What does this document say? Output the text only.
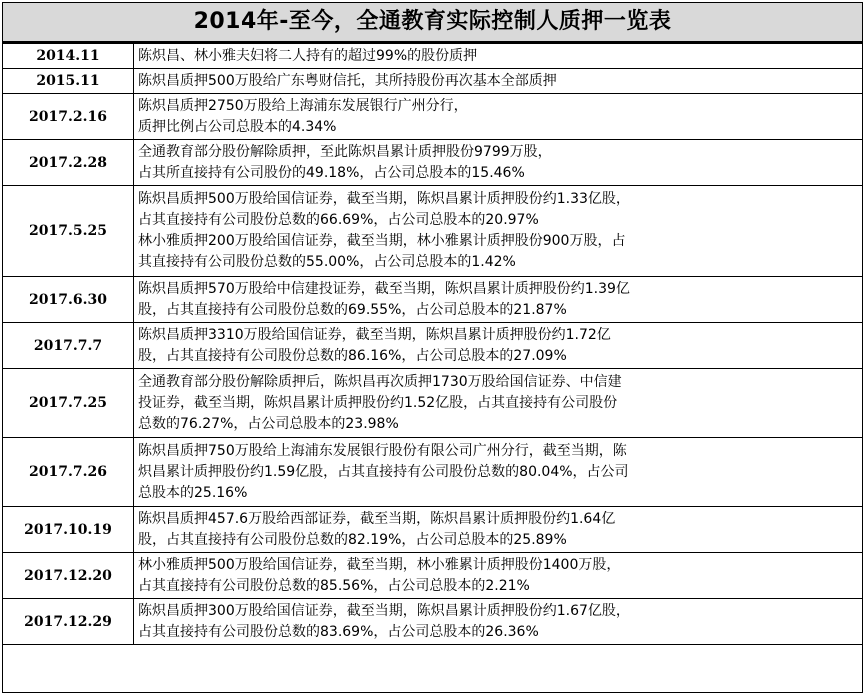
2014年-至今，全通教育实际控制人质押一览表
2014.11	陈炽昌、林小雅夫妇将二人持有的超过99%的股份质押
2015.11	陈炽昌质押500万股给广东粤财信托，其所持股份再次基本全部质押
2017.2.16	陈炽昌质押2750万股给上海浦东发展银行广州分行，
质押比例占公司总股本的4.34%
2017.2.28	全通教育部分股份解除质押，至此陈炽昌累计质押股份9799万股，
占其所直接持有公司股份的49.18%，占公司总股本的15.46%
2017.5.25	陈炽昌质押500万股给国信证券，截至当期，陈炽昌累计质押股份约1.33亿股，
占其直接持有公司股份总数的66.69%，占公司总股本的20.97%
林小雅质押200万股给国信证券，截至当期，林小雅累计质押股份900万股，占
其直接持有公司股份总数的55.00%，占公司总股本的1.42%
2017.6.30	陈炽昌质押570万股给中信建投证券，截至当期，陈炽昌累计质押股份约1.39亿
股，占其直接持有公司股份总数的69.55%，占公司总股本的21.87%
2017.7.7	陈炽昌质押3310万股给国信证券，截至当期，陈炽昌累计质押股份约1.72亿
股，占其直接持有公司股份总数的86.16%，占公司总股本的27.09%
2017.7.25	全通教育部分股份解除质押后，陈炽昌再次质押1730万股给国信证券、中信建
投证券，截至当期，陈炽昌累计质押股份约1.52亿股，占其直接持有公司股份
总数的76.27%，占公司总股本的23.98%
2017.7.26	陈炽昌质押750万股给上海浦东发展银行股份有限公司广州分行，截至当期，陈
炽昌累计质押股份约1.59亿股，占其直接持有公司股份总数的80.04%，占公司
总股本的25.16%
2017.10.19	陈炽昌质押457.6万股给西部证券，截至当期，陈炽昌累计质押股份约1.64亿
股，占其直接持有公司股份总数的82.19%，占公司总股本的25.89%
2017.12.20	林小雅质押500万股给国信证券，截至当期，林小雅累计质押股份1400万股，
占其直接持有公司股份总数的85.56%，占公司总股本的2.21%
2017.12.29	陈炽昌质押300万股给国信证券，截至当期，陈炽昌累计质押股份约1.67亿股，
占其直接持有公司股份总数的83.69%，占公司总股本的26.36%
